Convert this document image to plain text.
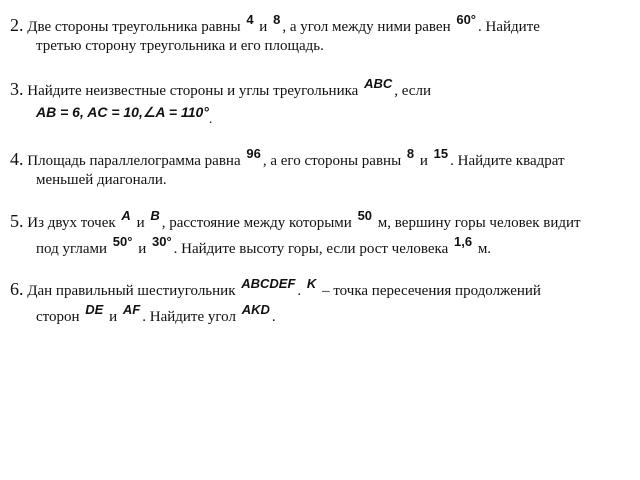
2. Две стороны треугольника равны 4 и 8 , а угол между ними равен 60° . Найдите
третью сторону треугольника и его площадь.
3. Найдите неизвестные стороны и углы треугольника ABC , если
AB = 6, AC = 10,∠A = 110°.
4. Площадь параллелограмма равна 96 , а его стороны равны 8 и 15 . Найдите квадрат
меньшей диагонали.
5. Из двух точек A и B , расстояние между которыми 50 м, вершину горы человек видит
под углами 50° и 30° . Найдите высоту горы, если рост человека 1,6 м.
6. Дан правильный шестиугольник ABCDEF . K – точка пересечения продолжений
сторон DE и AF . Найдите угол AKD .
